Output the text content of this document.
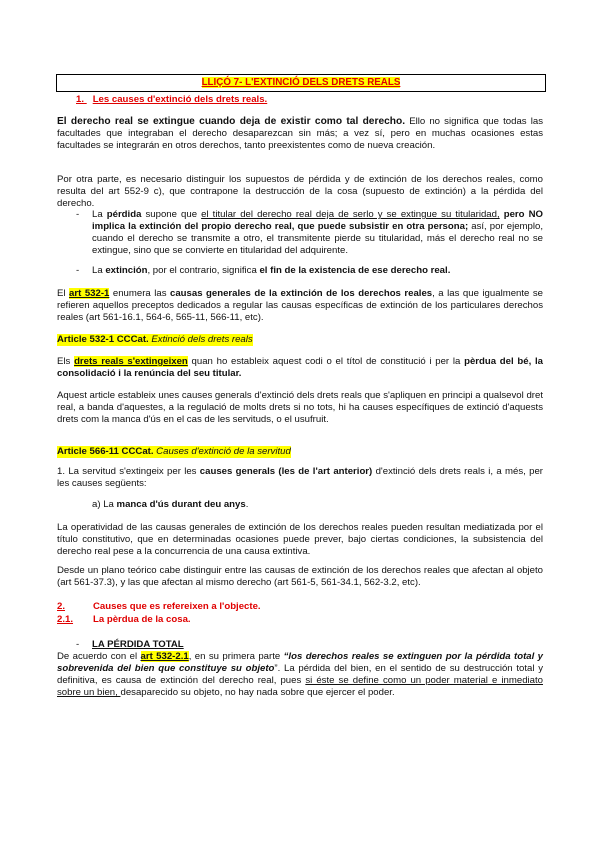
LLIÇÓ 7- L'EXTINCIÓ DELS DRETS REALS
1. Les causes d'extinció dels drets reals.
El derecho real se extingue cuando deja de existir como tal derecho. Ello no significa que todas las facultades que integraban el derecho desaparezcan sin más; a vez sí, pero en muchas ocasiones estas facultades se integrarán en otros derechos, tanto preexistentes como de nueva creación.
Por otra parte, es necesario distinguir los supuestos de pérdida y de extinción de los derechos reales, como resulta del art 552-9 c), que contrapone la destrucción de la cosa (supuesto de extinción) a la pérdida del derecho.
- La pérdida supone que el titular del derecho real deja de serlo y se extingue su titularidad, pero NO implica la extinción del propio derecho real, que puede subsistir en otra persona; así, por ejemplo, cuando el derecho se transmite a otro, el transmitente pierde su titularidad, más el derecho real no se extingue, sino que se convierte en titularidad del adquirente.
- La extinción, por el contrario, significa el fin de la existencia de ese derecho real.
El art 532-1 enumera las causas generales de la extinción de los derechos reales, a las que igualmente se refieren aquellos preceptos dedicados a regular las causas específicas de extinción de los particulares derechos reales (art 561-16.1, 564-6, 565-11, 566-11, etc).
Article 532-1 CCCat. Extinció dels drets reals
Els drets reals s'extingeixen quan ho estableix aquest codi o el títol de constitució i per la pèrdua del bé, la consolidació i la renúncia del seu titular.
Aquest article estableix unes causes generals d'extinció dels drets reals que s'apliquen en principi a qualsevol dret real, a banda d'aquestes, a la regulació de molts drets si no tots, hi ha causes específiques de extinció d'aquests drets com la manca d'ús en el cas de les servituds, o el usufruit.
Article 566-11 CCCat. Causes d'extinció de la servitud
1. La servitud s'extingeix per les causes generals (les de l'art anterior) d'extinció dels drets reals i, a més, per les causes següents:
a) La manca d'ús durant deu anys.
La operatividad de las causas generales de extinción de los derechos reales pueden resultan mediatizada por el título constitutivo, que en determinadas ocasiones puede prever, bajo ciertas condiciones, la subsistencia del derecho real pese a la concurrencia de una causa extintiva.
Desde un plano teórico cabe distinguir entre las causas de extinción de los derechos reales que afectan al objeto (art 561-37.3), y las que afectan al mismo derecho (art 561-5, 561-34.1, 562-3.2, etc).
2.	Causes que es refereixen a l'objecte.
2.1. La pèrdua de la cosa.
- LA PÉRDIDA TOTAL
De acuerdo con el art 532-2.1, en su primera parte “los derechos reales se extinguen por la pérdida total y sobrevenida del bien que constituye su objeto”. La pérdida del bien, en el sentido de su destrucción total y definitiva, es causa de extinción del derecho real, pues si éste se define como un poder material e inmediato sobre un bien, desaparecido su objeto, no hay nada sobre que ejercer el poder.
